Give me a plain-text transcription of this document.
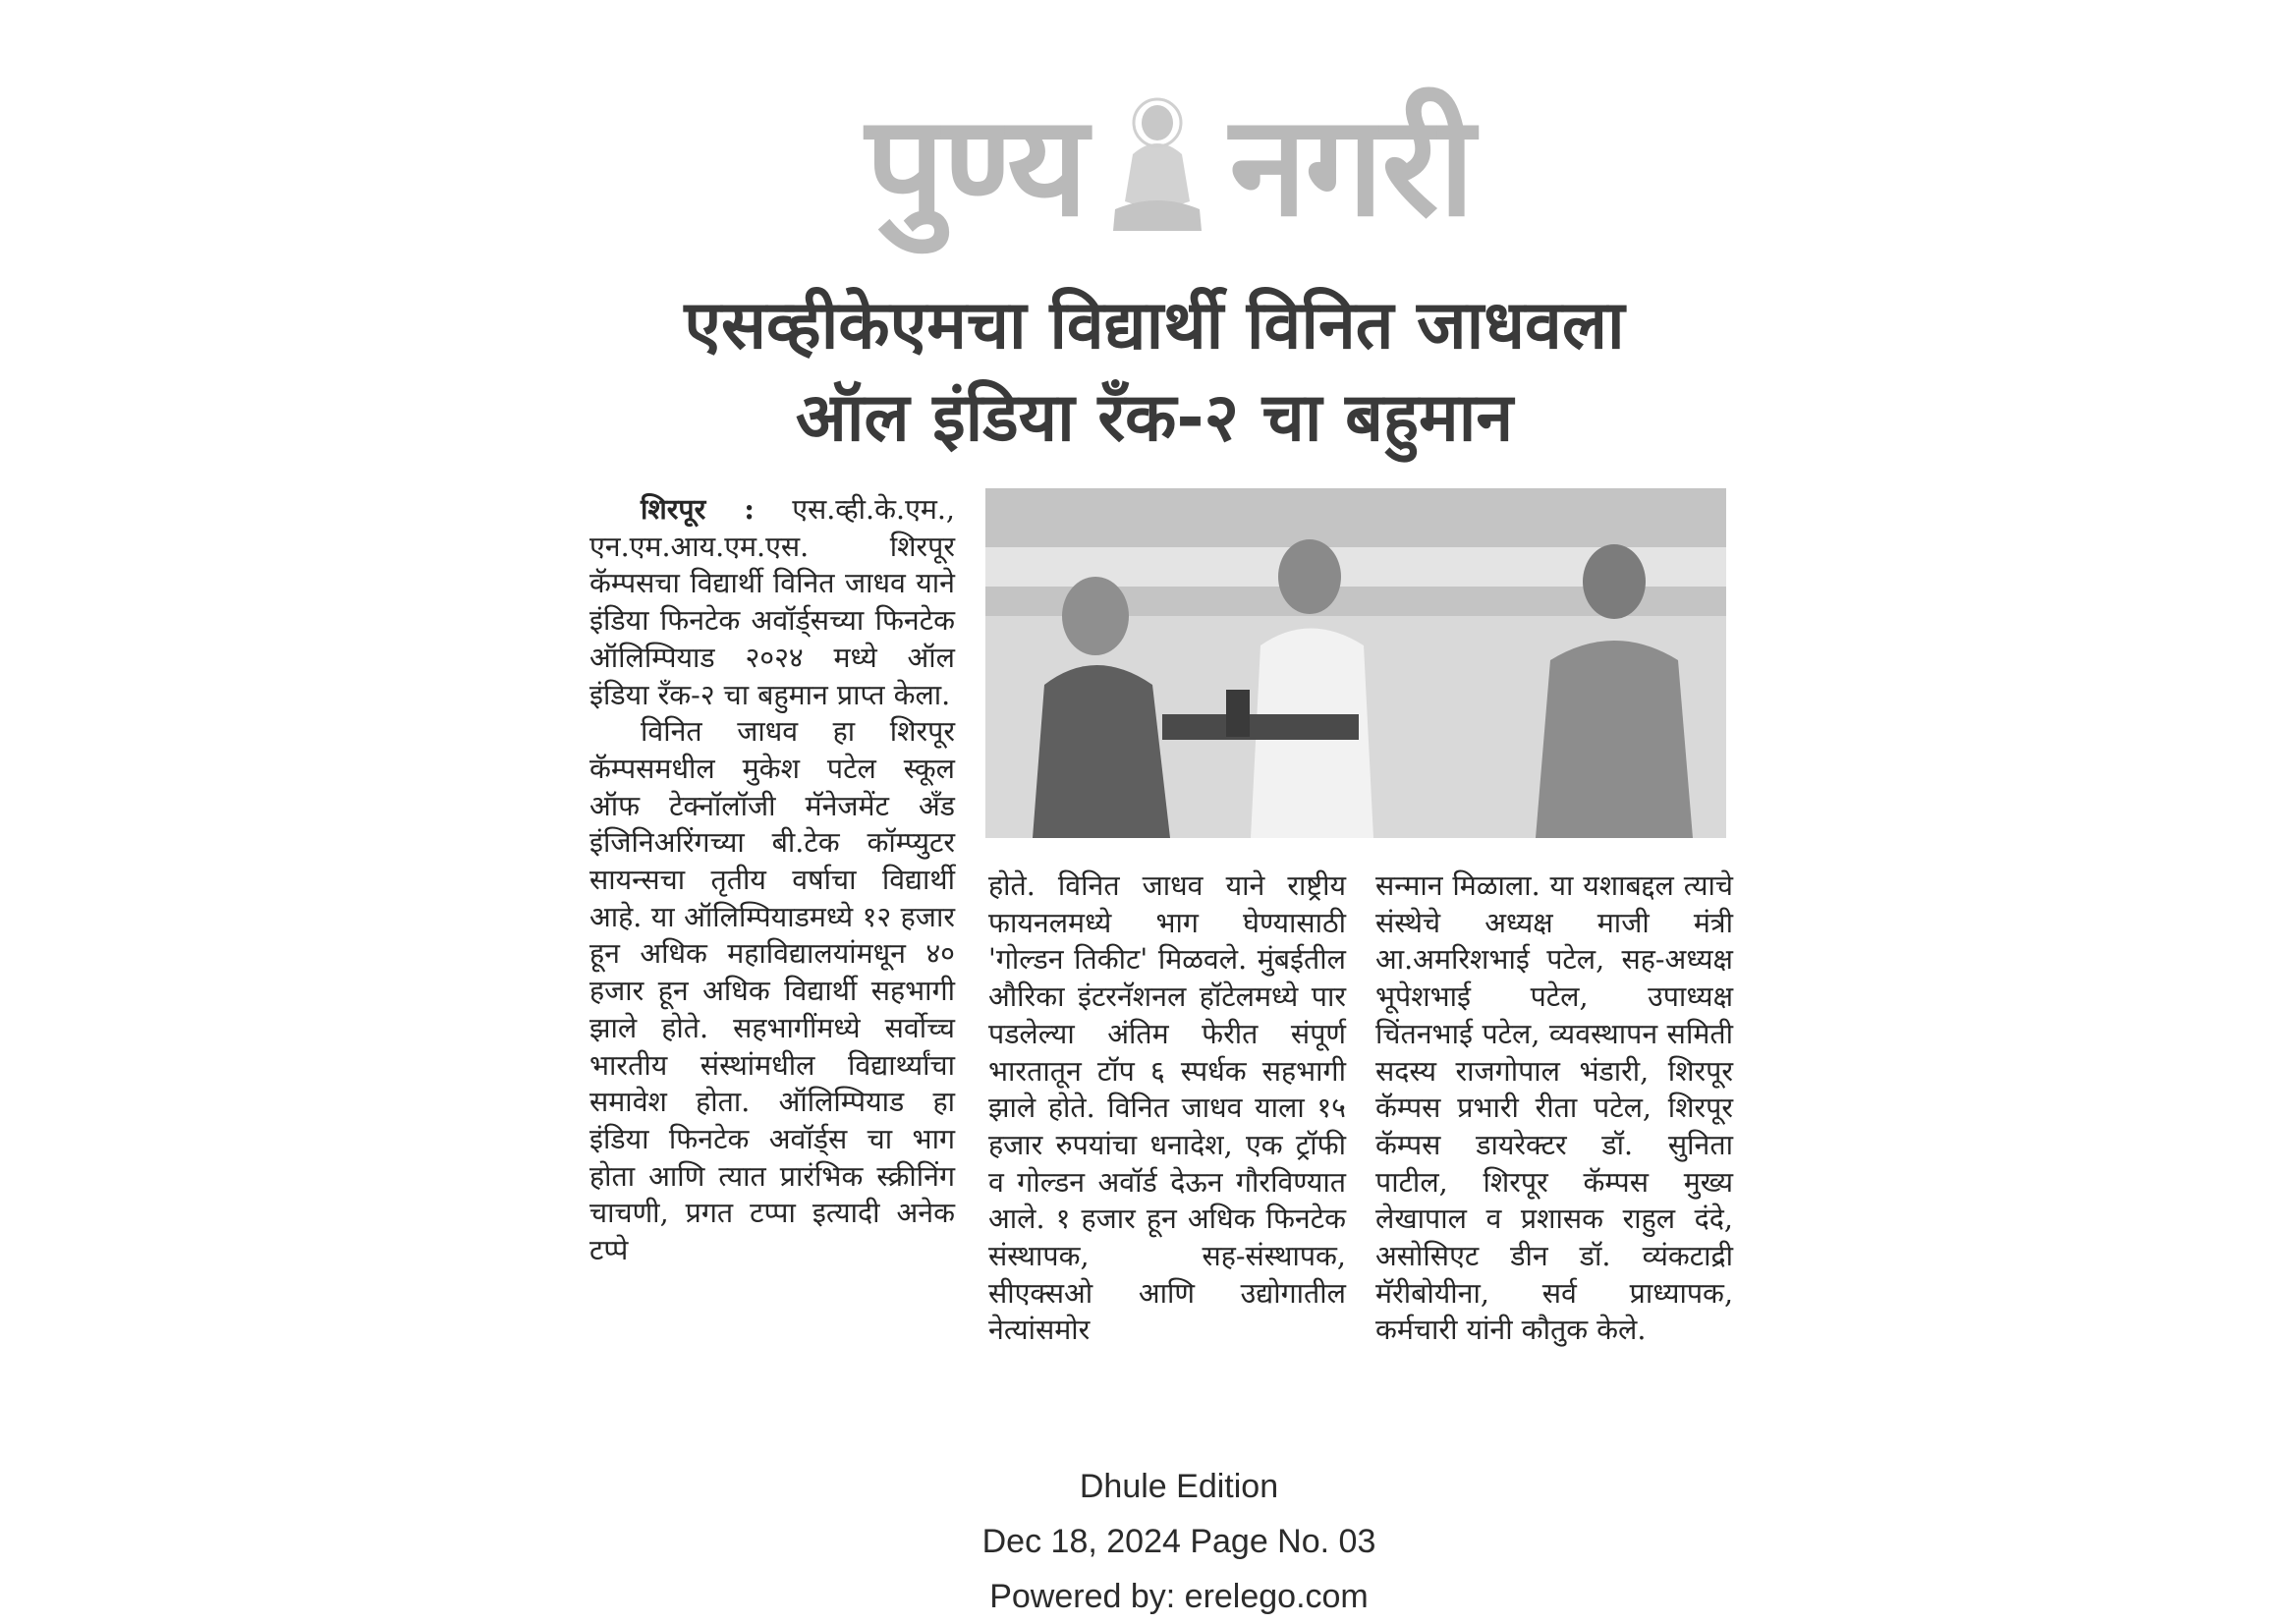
पुण्य नगरी
एसव्हीकेएमचा विद्यार्थी विनित जाधवला
ऑल इंडिया रँक-२ चा बहुमान

शिरपूर : एस.व्ही.के.एम., एन.एम.आय.एम.एस. शिरपूर कॅम्पसचा विद्यार्थी विनित जाधव याने इंडिया फिनटेक अवॉर्ड्सच्या फिनटेक ऑलिम्पियाड २०२४ मध्ये ऑल इंडिया रँक-२ चा बहुमान प्राप्त केला.

विनित जाधव हा शिरपूर कॅम्पसमधील मुकेश पटेल स्कूल ऑफ टेक्नॉलॉजी मॅनेजमेंट अँड इंजिनिअरिंगच्या बी.टेक कॉम्प्युटर सायन्सचा तृतीय वर्षाचा विद्यार्थी आहे. या ऑलिम्पियाडमध्ये १२ हजार हून अधिक महाविद्यालयांमधून ४० हजार हून अधिक विद्यार्थी सहभागी झाले होते. सहभागींमध्ये सर्वोच्च भारतीय संस्थांमधील विद्यार्थ्यांचा समावेश होता. ऑलिम्पियाड हा इंडिया फिनटेक अवॉर्ड्स चा भाग होता आणि त्यात प्रारंभिक स्क्रीनिंग चाचणी, प्रगत टप्पा इत्यादी अनेक टप्पे

होते. विनित जाधव याने राष्ट्रीय फायनलमध्ये भाग घेण्यासाठी 'गोल्डन तिकीट' मिळवले. मुंबईतील औरिका इंटरनॅशनल हॉटेलमध्ये पार पडलेल्या अंतिम फेरीत संपूर्ण भारतातून टॉप ६ स्पर्धक सहभागी झाले होते. विनित जाधव याला १५ हजार रुपयांचा धनादेश, एक ट्रॉफी व गोल्डन अवॉर्ड देऊन गौरविण्यात आले. १ हजार हून अधिक फिनटेक संस्थापक, सह-संस्थापक, सीएक्सओ आणि उद्योगातील नेत्यांसमोर

सन्मान मिळाला. या यशाबद्दल त्याचे संस्थेचे अध्यक्ष माजी मंत्री आ.अमरिशभाई पटेल, सह-अध्यक्ष भूपेशभाई पटेल, उपाध्यक्ष चिंतनभाई पटेल, व्यवस्थापन समिती सदस्य राजगोपाल भंडारी, शिरपूर कॅम्पस प्रभारी रीता पटेल, शिरपूर कॅम्पस डायरेक्टर डॉ. सुनिता पाटील, शिरपूर कॅम्पस मुख्य लेखापाल व प्रशासक राहुल दंदे, असोसिएट डीन डॉ. व्यंकटाद्री मॅरीबोयीना, सर्व प्राध्यापक, कर्मचारी यांनी कौतुक केले.

Dhule Edition
Dec 18, 2024 Page No. 03
Powered by: erelego.com
